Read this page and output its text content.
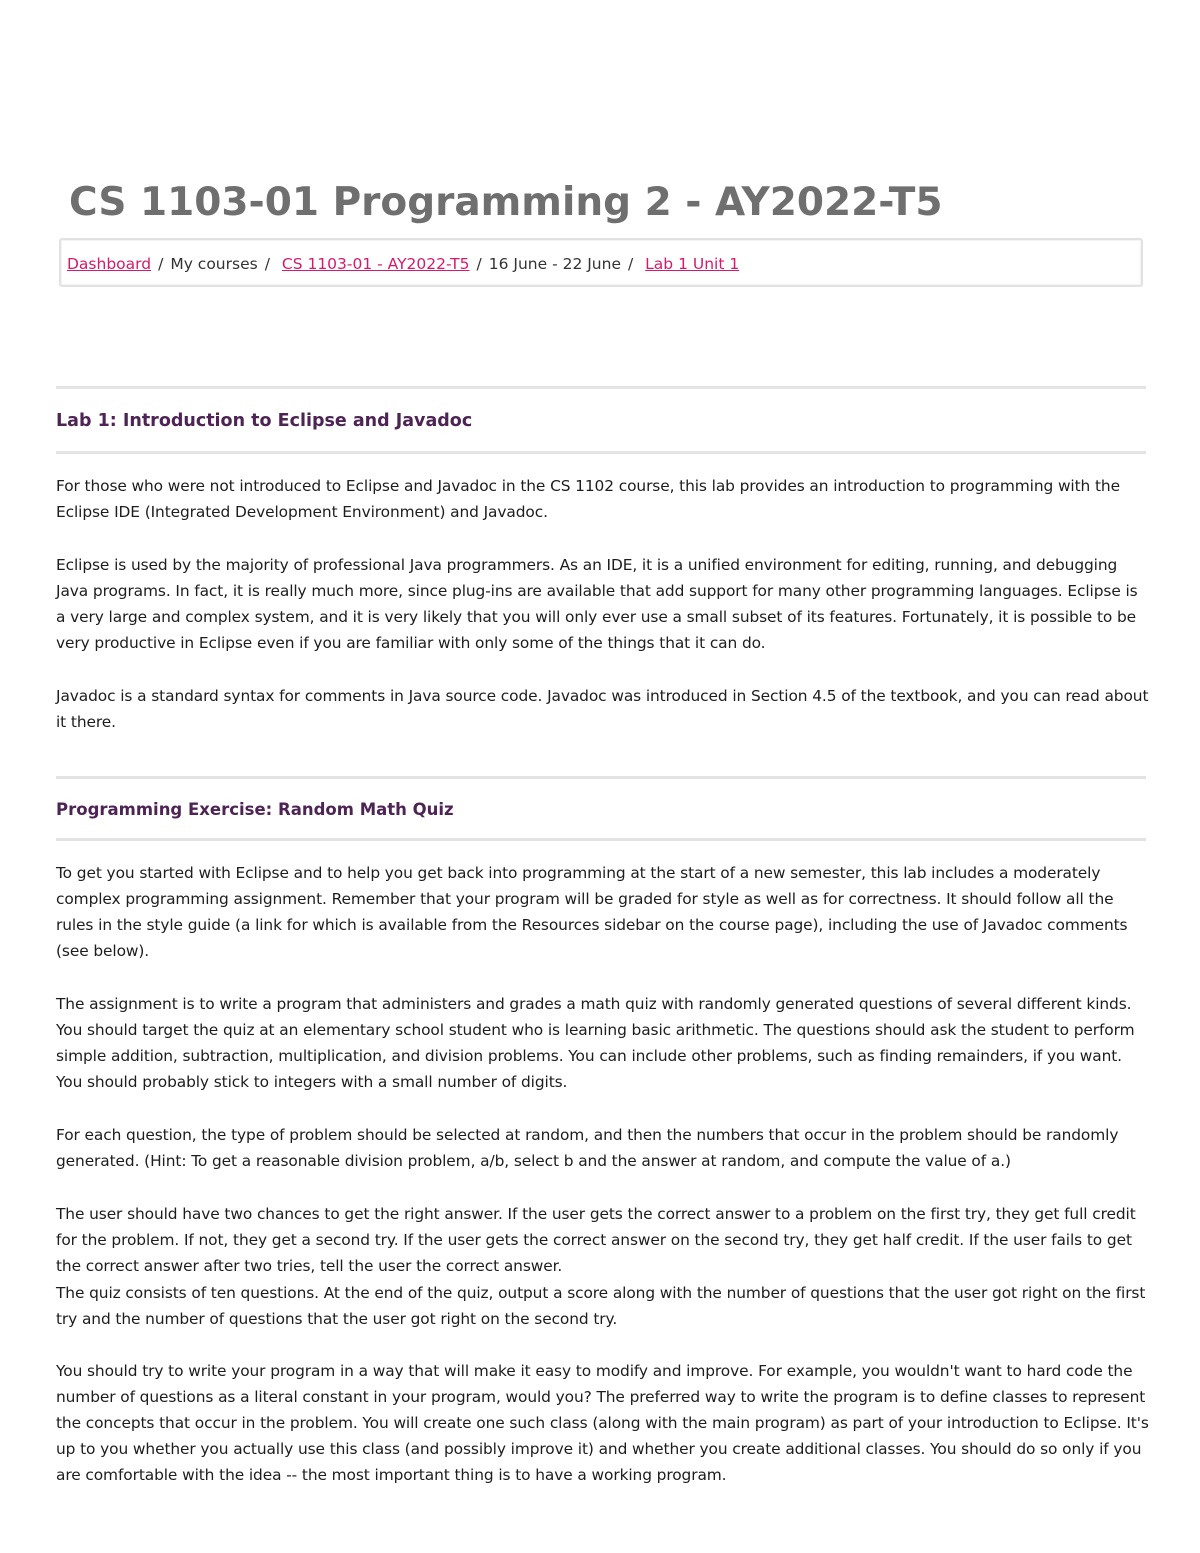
CS 1103-01 Programming 2 - AY2022-T5
Dashboard / My courses / CS 1103-01 - AY2022-T5 / 16 June - 22 June / Lab 1 Unit 1
Lab 1: Introduction to Eclipse and Javadoc

For those who were not introduced to Eclipse and Javadoc in the CS 1102 course, this lab provides an introduction to programming with the Eclipse IDE (Integrated Development Environment) and Javadoc.

Eclipse is used by the majority of professional Java programmers. As an IDE, it is a unified environment for editing, running, and debugging Java programs. In fact, it is really much more, since plug-ins are available that add support for many other programming languages. Eclipse is a very large and complex system, and it is very likely that you will only ever use a small subset of its features. Fortunately, it is possible to be very productive in Eclipse even if you are familiar with only some of the things that it can do.

Javadoc is a standard syntax for comments in Java source code. Javadoc was introduced in Section 4.5 of the textbook, and you can read about it there.

Programming Exercise: Random Math Quiz

To get you started with Eclipse and to help you get back into programming at the start of a new semester, this lab includes a moderately complex programming assignment. Remember that your program will be graded for style as well as for correctness. It should follow all the rules in the style guide (a link for which is available from the Resources sidebar on the course page), including the use of Javadoc comments (see below).

The assignment is to write a program that administers and grades a math quiz with randomly generated questions of several different kinds. You should target the quiz at an elementary school student who is learning basic arithmetic. The questions should ask the student to perform simple addition, subtraction, multiplication, and division problems. You can include other problems, such as finding remainders, if you want. You should probably stick to integers with a small number of digits.

For each question, the type of problem should be selected at random, and then the numbers that occur in the problem should be randomly generated. (Hint: To get a reasonable division problem, a/b, select b and the answer at random, and compute the value of a.)

The user should have two chances to get the right answer. If the user gets the correct answer to a problem on the first try, they get full credit for the problem. If not, they get a second try. If the user gets the correct answer on the second try, they get half credit. If the user fails to get the correct answer after two tries, tell the user the correct answer.

The quiz consists of ten questions. At the end of the quiz, output a score along with the number of questions that the user got right on the first try and the number of questions that the user got right on the second try.

You should try to write your program in a way that will make it easy to modify and improve. For example, you wouldn't want to hard code the number of questions as a literal constant in your program, would you? The preferred way to write the program is to define classes to represent the concepts that occur in the problem. You will create one such class (along with the main program) as part of your introduction to Eclipse. It's up to you whether you actually use this class (and possibly improve it) and whether you create additional classes. You should do so only if you are comfortable with the idea -- the most important thing is to have a working program.
